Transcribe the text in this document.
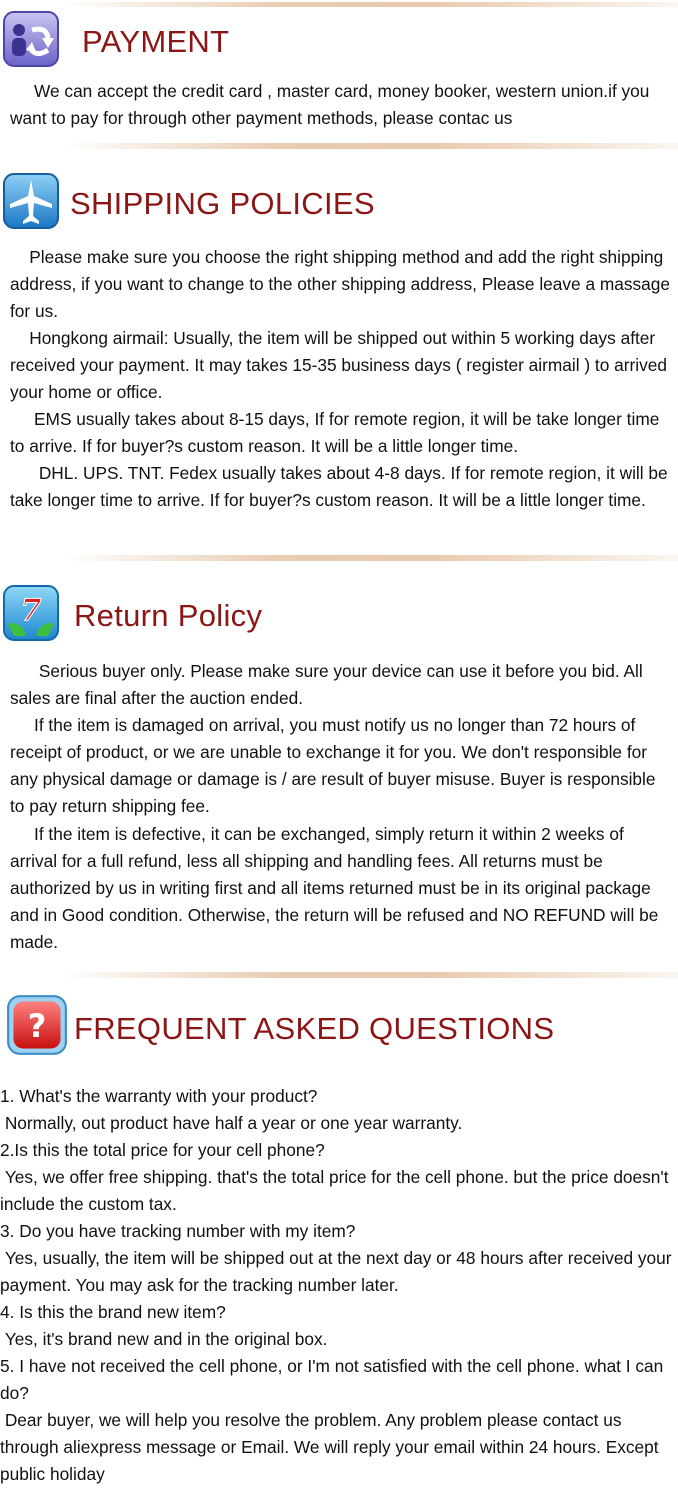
PAYMENT

We can accept the credit card , master card, money booker, western union.if you want to pay for through other payment methods, please contac us

SHIPPING POLICIES

Please make sure you choose the right shipping method and add the right shipping address, if you want to change to the other shipping address, Please leave a massage for us.

Hongkong airmail: Usually, the item will be shipped out within 5 working days after received your payment. It may takes 15-35 business days ( register airmail ) to arrived your home or office.

EMS usually takes about 8-15 days, If for remote region, it will be take longer time to arrive. If for buyer?s custom reason. It will be a little longer time.

DHL. UPS. TNT. Fedex usually takes about 4-8 days. If for remote region, it will be take longer time to arrive. If for buyer?s custom reason. It will be a little longer time.

7 Return Policy

Serious buyer only. Please make sure your device can use it before you bid. All sales are final after the auction ended.

If the item is damaged on arrival, you must notify us no longer than 72 hours of receipt of product, or we are unable to exchange it for you. We don't responsible for any physical damage or damage is / are result of buyer misuse. Buyer is responsible to pay return shipping fee.

If the item is defective, it can be exchanged, simply return it within 2 weeks of arrival for a full refund, less all shipping and handling fees. All returns must be authorized by us in writing first and all items returned must be in its original package and in Good condition. Otherwise, the return will be refused and NO REFUND will be made.

? FREQUENT ASKED QUESTIONS

1. What's the warranty with your product?

Normally, out product have half a year or one year warranty.

2.Is this the total price for your cell phone?

Yes, we offer free shipping. that's the total price for the cell phone. but the price doesn't include the custom tax.

3. Do you have tracking number with my item?

Yes, usually, the item will be shipped out at the next day or 48 hours after received your payment. You may ask for the tracking number later.

4. Is this the brand new item?

Yes, it's brand new and in the original box.

5. I have not received the cell phone, or I'm not satisfied with the cell phone. what I can do?

Dear buyer, we will help you resolve the problem. Any problem please contact us through aliexpress message or Email. We will reply your email within 24 hours. Except public holiday
